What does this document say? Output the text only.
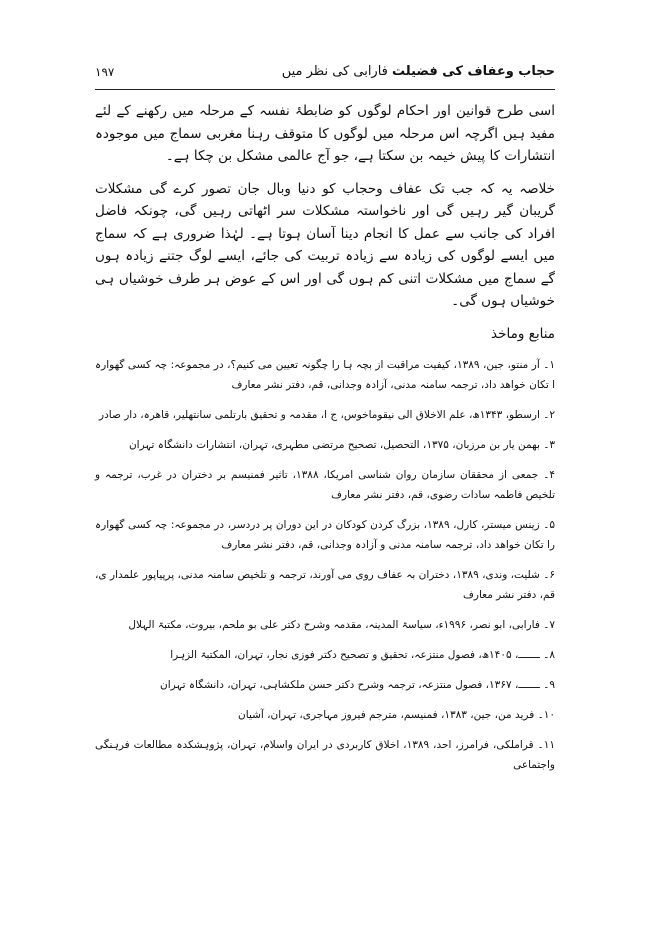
حجاب وعفاف کی فضیلت فارابی کی نظر میں
۱۹۷

اسی طرح قوانین اور احکام لوگوں کو ضابطۂ نفسہ کے مرحلہ میں رکھنے کے لئے مفید ہیں اگرچہ اس مرحلہ میں لوگوں کا متوقف رہنا مغربی سماج میں موجودہ انتشارات کا پیش خیمہ بن سکتا ہے، جو آج عالمی مشکل بن چکا ہے۔

خلاصہ یہ کہ جب تک عفاف وحجاب کو دنیا وبال جان تصور کرے گی مشکلات گریبان گیر رہیں گی اور ناخواستہ مشکلات سر اٹھاتی رہیں گی، چونکہ فاضل افراد کی جانب سے عمل کا انجام دینا آسان ہوتا ہے۔ لہٰذا ضروری ہے کہ سماج میں ایسے لوگوں کی زیادہ سے زیادہ تربیت کی جائے، ایسے لوگ جتنے زیادہ ہوں گے سماج میں مشکلات اتنی کم ہوں گی اور اس کے عوض ہر طرف خوشیاں ہی خوشیاں ہوں گی۔

منابع وماخذ
۱۔ آر منتو، جین، ۱۳۸۹، کیفیت مراقبت از بچہ ہا را چگونہ تعیین می کنیم؟، در مجموعہ: چہ کسی گھوارہ ا تکان خواهد داد، ترجمہ سامنہ مدنی، آزادہ وجدانی، قم، دفتر نشر معارف
۲۔ ارسطو، ۱۳۴۳ھ، علم الاخلاق الی نیقوماخوس، ج ا، مقدمہ و تحقیق بارتلمی سانتهلیر، قاهرہ، دار صادر
۳۔ بھمن یار بن مرزبان، ۱۳۷۵، التحصیل، تصحیح مرتضی مطہری، تہران، انتشارات دانشگاہ تہران
۴۔ جمعی از محققان سازمان روان شناسی امریکا، ۱۳۸۸، تاثیر فمنیسم بر دختران در غرب، ترجمہ و تلخیص فاطمہ سادات رضوی، قم، دفتر نشر معارف
۵۔ زینس میستر، کارل، ۱۳۸۹، بزرگ کردن کودکان در این دوران پر دردسر، در مجموعہ: چہ کسی گهوارہ را تکان خواهد داد، ترجمہ سامنہ مدنی و آزادہ وجدانی، قم، دفتر نشر معارف
۶۔ شلیت، وندی، ۱۳۸۹، دختران بہ عفاف روی می آورند، ترجمہ و تلخیص سامنہ مدنی، پرپیاپور علمدار ی، قم، دفتر نشر معارف
۷۔ فارابی، ابو نصر، ۱۹۹۶ء، سیاسۃ المدینہ، مقدمہ وشرح دکتر علی بو ملحم، بیروت، مکتبۃ الہلال
۸۔ ـــــــ، ۱۴۰۵ھ، فصول منتزعہ، تحقیق و تصحیح دکتر فوزی نجار، تہران، المکتبۃ الزہرا
۹۔ ـــــــ، ۱۳۶۷، فصول منتزعہ، ترجمہ وشرح دکتر حسن ملکشاہی، تہران، دانشگاہ تہران
۱۰۔ فرید من، جین، ۱۳۸۳، فمنیسم، مترجم فیروز مہاجری، تہران، آشیان
۱۱۔ قراملکی، فرامرز، احد، ۱۳۸۹، اخلاق کاربردی در ایران واسلام، تہران، پژوہشکدہ مطالعات فرہنگی واجتماعی
